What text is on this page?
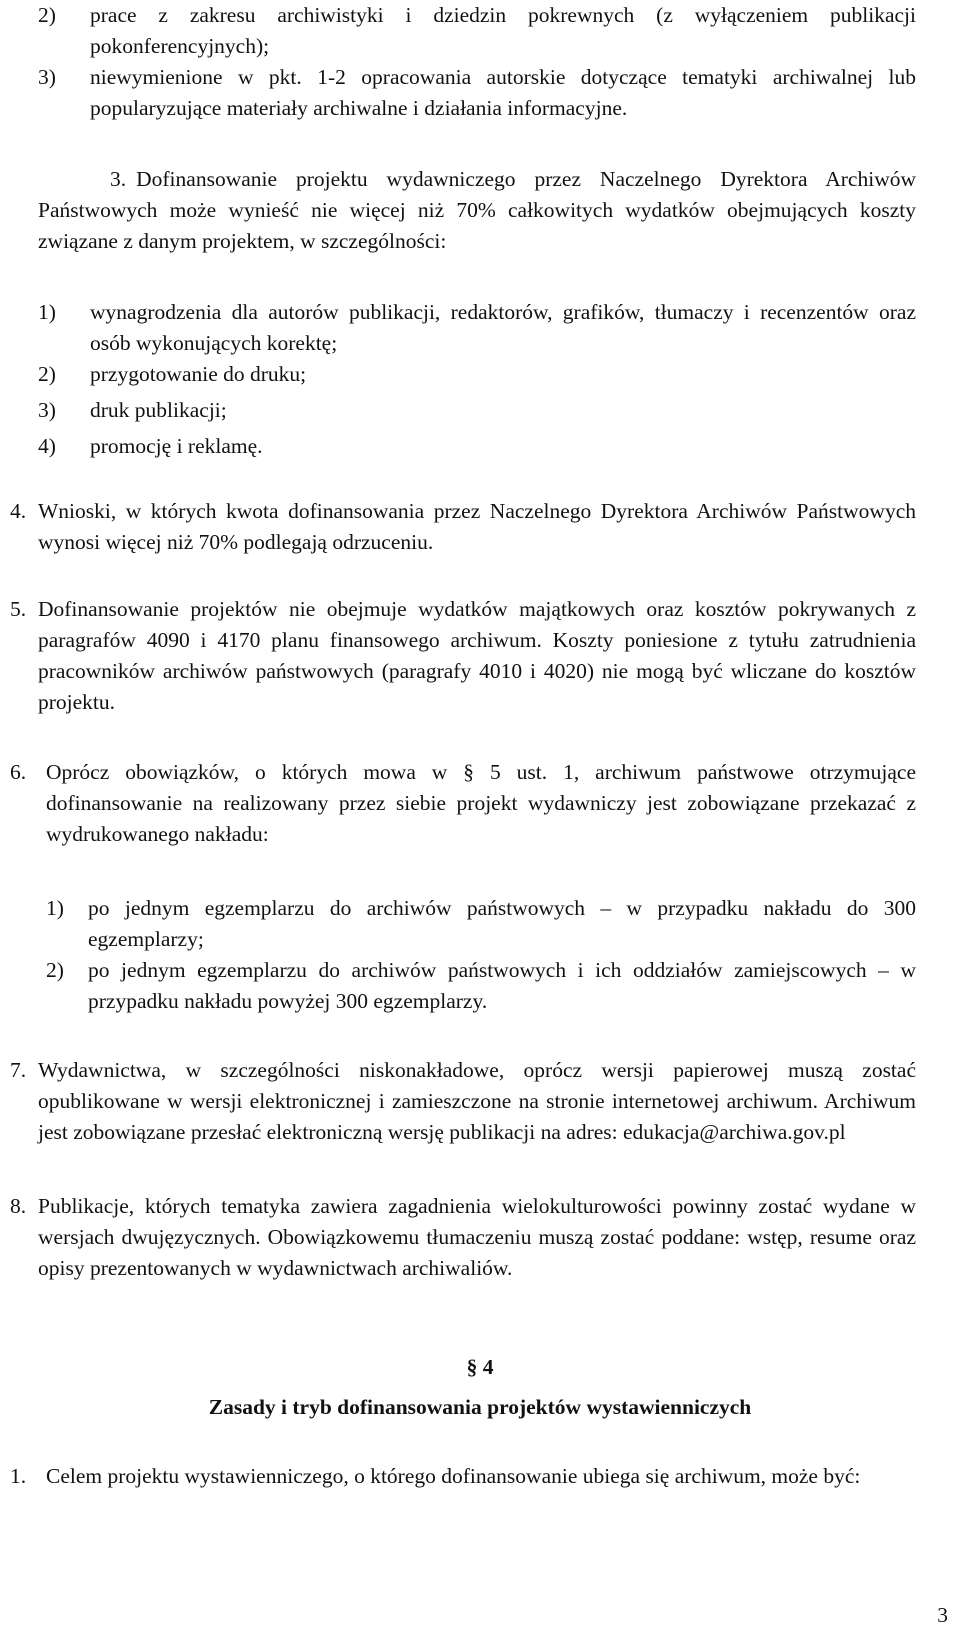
2) prace z zakresu archiwistyki i dziedzin pokrewnych (z wyłączeniem publikacji pokonferencyjnych);

3) niewymienione w pkt. 1-2 opracowania autorskie dotyczące tematyki archiwalnej lub popularyzujące materiały archiwalne i działania informacyjne.

3. Dofinansowanie projektu wydawniczego przez Naczelnego Dyrektora Archiwów Państwowych może wynieść nie więcej niż 70% całkowitych wydatków obejmujących koszty związane z danym projektem, w szczególności:

1) wynagrodzenia dla autorów publikacji, redaktorów, grafików, tłumaczy i recenzentów oraz osób wykonujących korektę;

2) przygotowanie do druku;

3) druk publikacji;

4) promocję i reklamę.

4. Wnioski, w których kwota dofinansowania przez Naczelnego Dyrektora Archiwów Państwowych wynosi więcej niż 70% podlegają odrzuceniu.

5. Dofinansowanie projektów nie obejmuje wydatków majątkowych oraz kosztów pokrywanych z paragrafów 4090 i 4170 planu finansowego archiwum. Koszty poniesione z tytułu zatrudnienia pracowników archiwów państwowych (paragrafy 4010 i 4020) nie mogą być wliczane do kosztów projektu.

6. Oprócz obowiązków, o których mowa w § 5 ust. 1, archiwum państwowe otrzymujące dofinansowanie na realizowany przez siebie projekt wydawniczy jest zobowiązane przekazać z wydrukowanego nakładu:

1) po jednym egzemplarzu do archiwów państwowych – w przypadku nakładu do 300 egzemplarzy;

2) po jednym egzemplarzu do archiwów państwowych i ich oddziałów zamiejscowych – w przypadku nakładu powyżej 300 egzemplarzy.

7. Wydawnictwa, w szczególności niskonakładowe, oprócz wersji papierowej muszą zostać opublikowane w wersji elektronicznej i zamieszczone na stronie internetowej archiwum. Archiwum jest zobowiązane przesłać elektroniczną wersję publikacji na adres: edukacja@archiwa.gov.pl

8. Publikacje, których tematyka zawiera zagadnienia wielokulturowości powinny zostać wydane w wersjach dwujęzycznych. Obowiązkowemu tłumaczeniu muszą zostać poddane: wstęp, resume oraz opisy prezentowanych w wydawnictwach archiwaliów.

§ 4
Zasady i tryb dofinansowania projektów wystawienniczych
1. Celem projektu wystawienniczego, o którego dofinansowanie ubiega się archiwum, może być:

3
